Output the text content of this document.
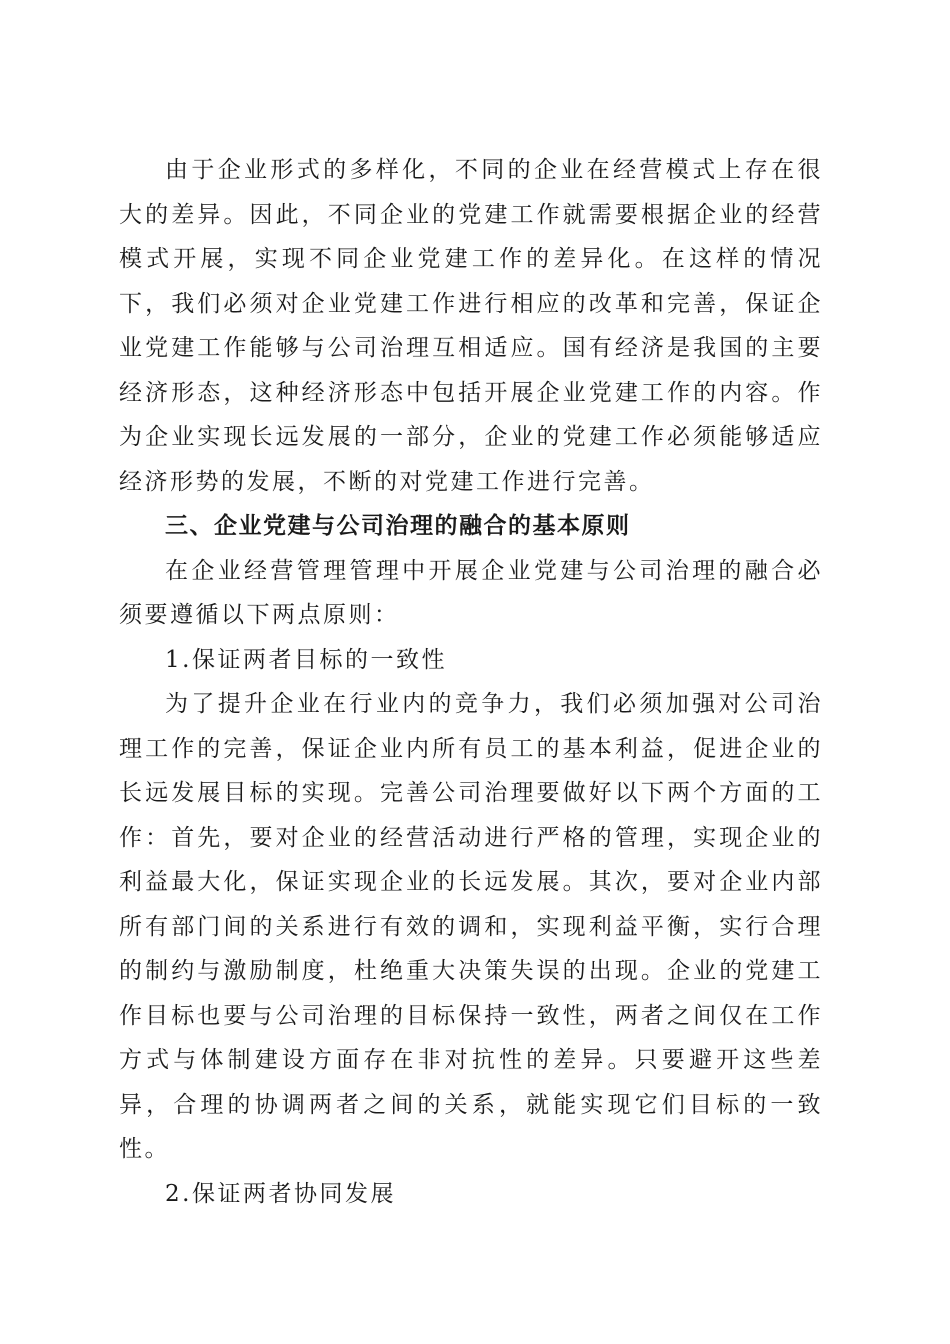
由于企业形式的多样化，不同的企业在经营模式上存在很大的差异。因此，不同企业的党建工作就需要根据企业的经营模式开展，实现不同企业党建工作的差异化。在这样的情况下，我们必须对企业党建工作进行相应的改革和完善，保证企业党建工作能够与公司治理互相适应。国有经济是我国的主要经济形态，这种经济形态中包括开展企业党建工作的内容。作为企业实现长远发展的一部分，企业的党建工作必须能够适应经济形势的发展，不断的对党建工作进行完善。

三、企业党建与公司治理的融合的基本原则

在企业经营管理管理中开展企业党建与公司治理的融合必须要遵循以下两点原则：

1.保证两者目标的一致性

为了提升企业在行业内的竞争力，我们必须加强对公司治理工作的完善，保证企业内所有员工的基本利益，促进企业的长远发展目标的实现。完善公司治理要做好以下两个方面的工作：首先，要对企业的经营活动进行严格的管理，实现企业的利益最大化，保证实现企业的长远发展。其次，要对企业内部所有部门间的关系进行有效的调和，实现利益平衡，实行合理的制约与激励制度，杜绝重大决策失误的出现。企业的党建工作目标也要与公司治理的目标保持一致性，两者之间仅在工作方式与体制建设方面存在非对抗性的差异。只要避开这些差异，合理的协调两者之间的关系，就能实现它们目标的一致性。

2.保证两者协同发展
